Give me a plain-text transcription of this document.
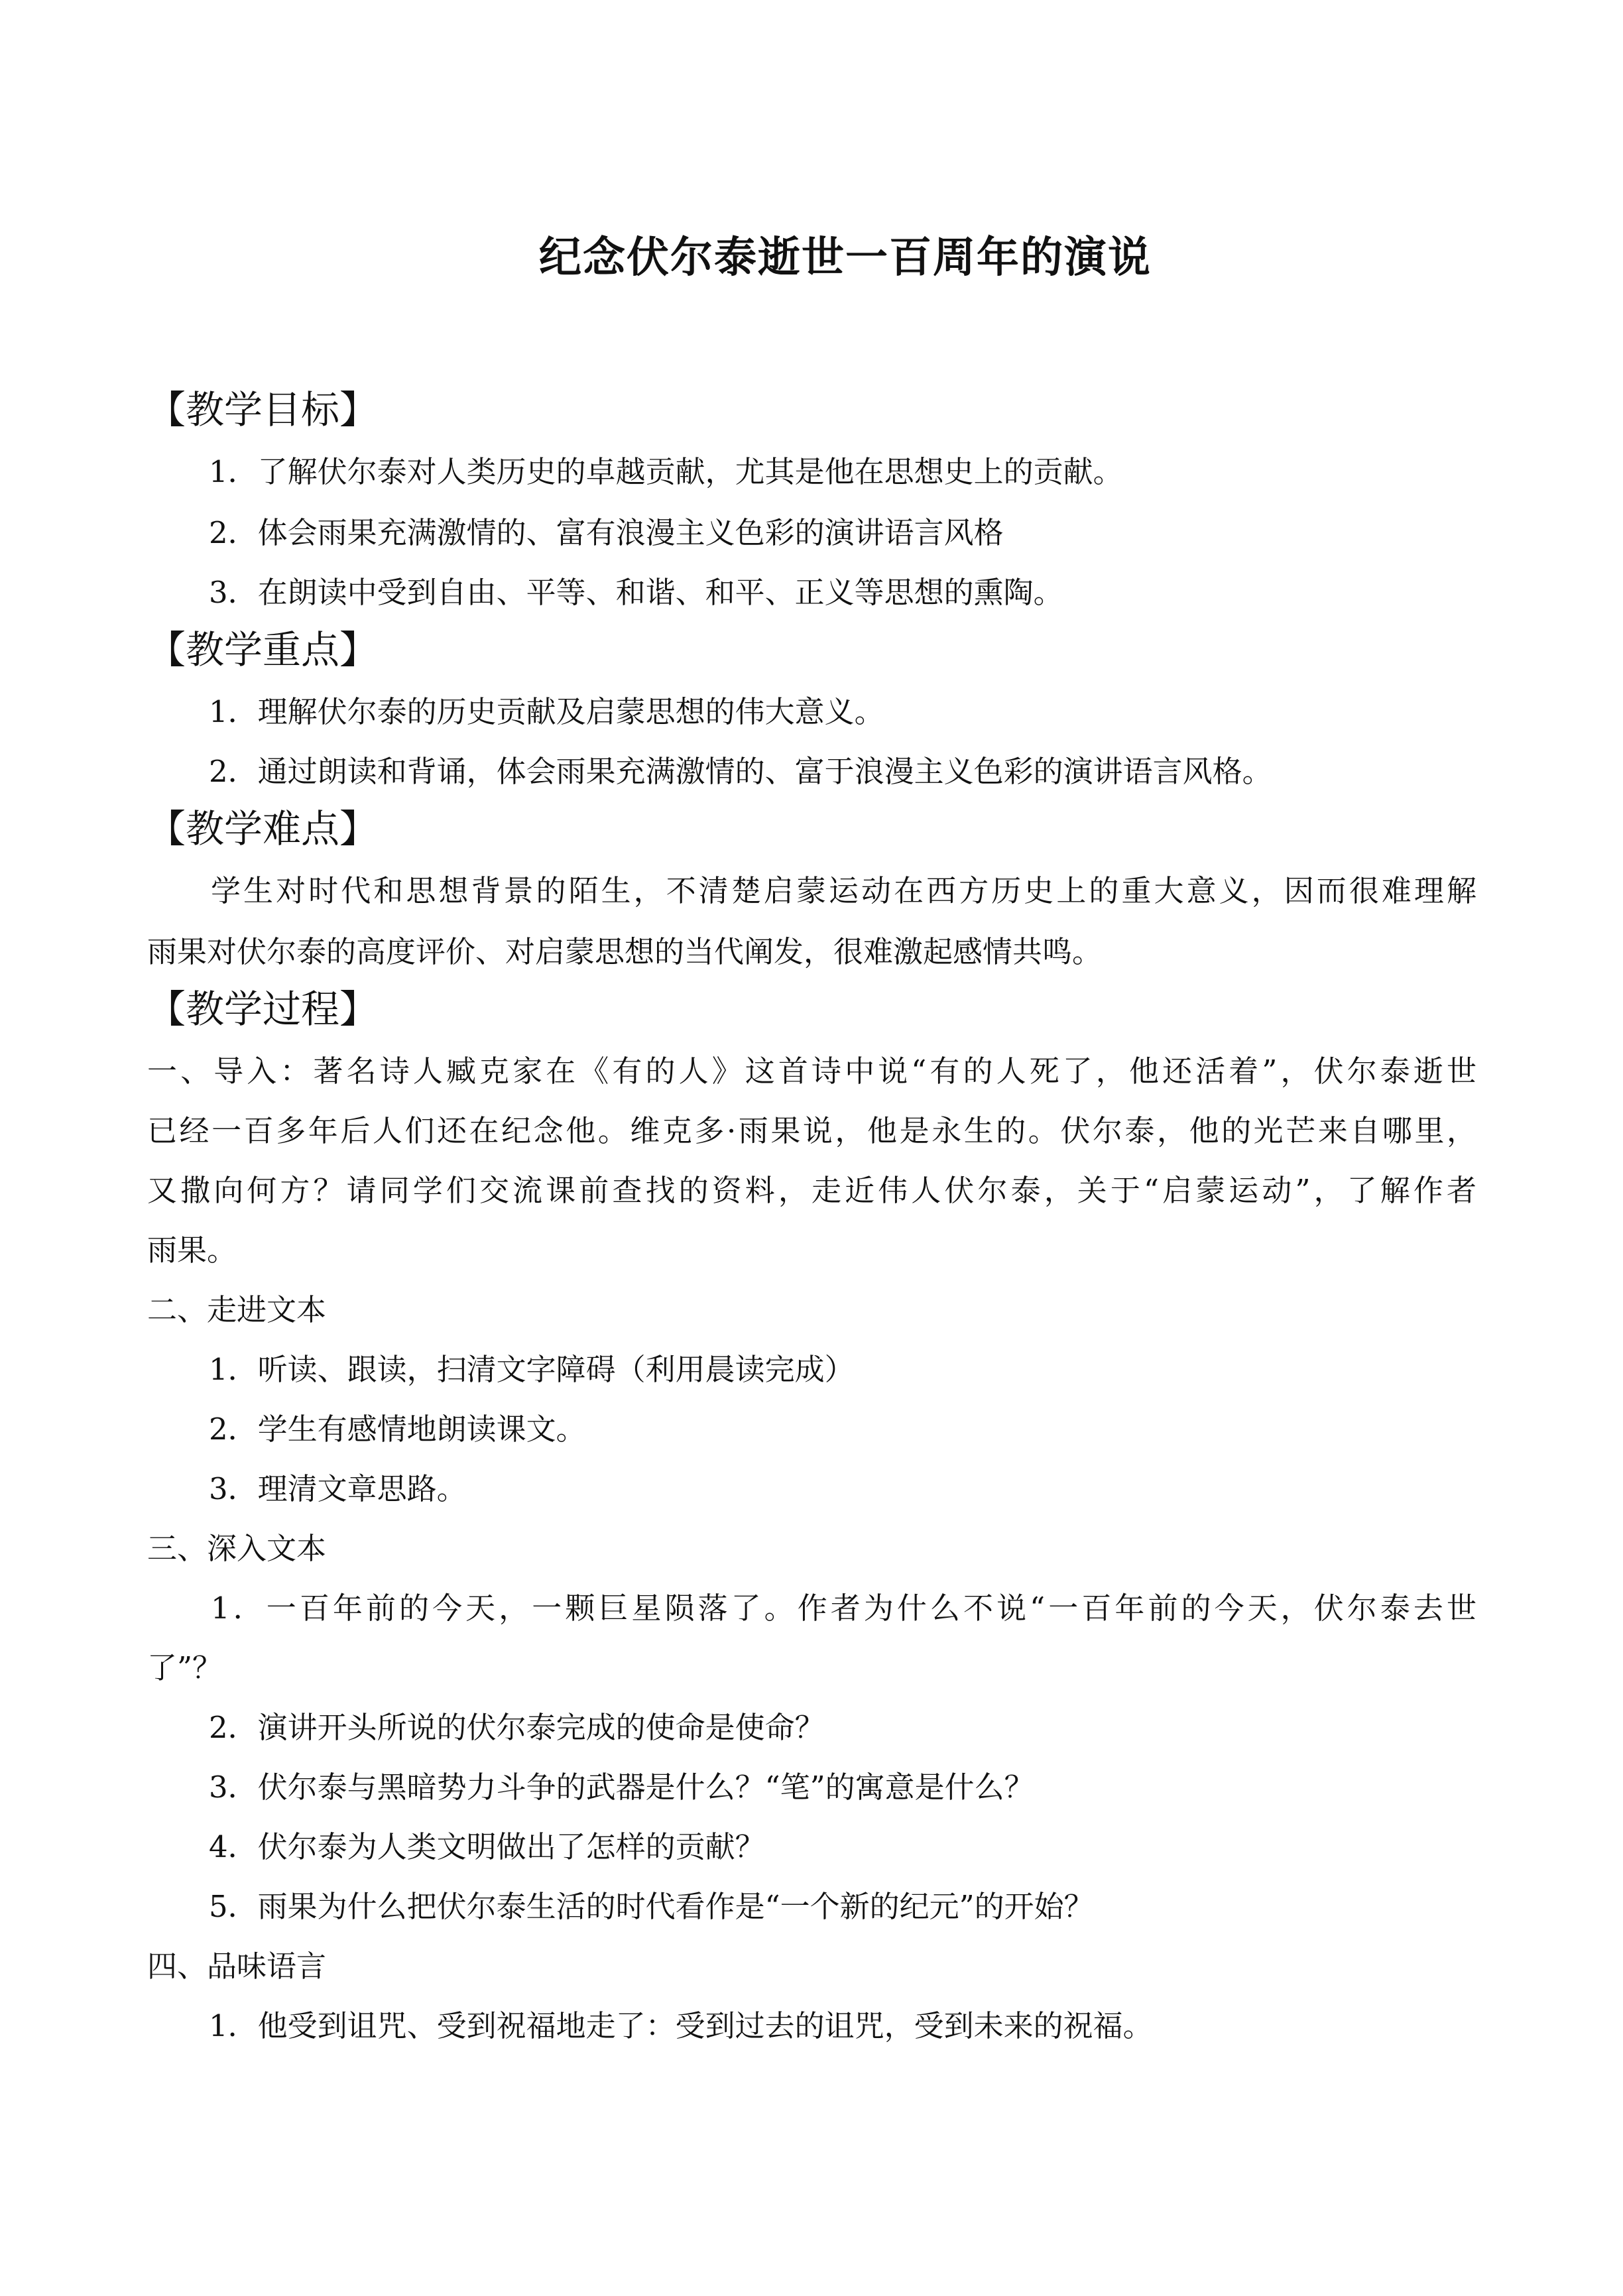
纪念伏尔泰逝世一百周年的演说
【教学目标】
1．了解伏尔泰对人类历史的卓越贡献，尤其是他在思想史上的贡献。
2．体会雨果充满激情的、富有浪漫主义色彩的演讲语言风格
3．在朗读中受到自由、平等、和谐、和平、正义等思想的熏陶。
【教学重点】
1．理解伏尔泰的历史贡献及启蒙思想的伟大意义。
2．通过朗读和背诵，体会雨果充满激情的、富于浪漫主义色彩的演讲语言风格。
【教学难点】
学生对时代和思想背景的陌生，不清楚启蒙运动在西方历史上的重大意义，因而很难理解
雨果对伏尔泰的高度评价、对启蒙思想的当代阐发，很难激起感情共鸣。
【教学过程】
一、导入：著名诗人臧克家在《有的人》这首诗中说“有的人死了，他还活着”，伏尔泰逝世
已经一百多年后人们还在纪念他。维克多·雨果说，他是永生的。伏尔泰，他的光芒来自哪里，
又撒向何方？请同学们交流课前查找的资料，走近伟人伏尔泰，关于“启蒙运动”，了解作者
雨果。
二、走进文本
1．听读、跟读，扫清文字障碍（利用晨读完成）
2．学生有感情地朗读课文。
3．理清文章思路。
三、深入文本
1．一百年前的今天，一颗巨星陨落了。作者为什么不说“一百年前的今天，伏尔泰去世
了”？
2．演讲开头所说的伏尔泰完成的使命是使命？
3．伏尔泰与黑暗势力斗争的武器是什么？“笔”的寓意是什么？
4．伏尔泰为人类文明做出了怎样的贡献？
5．雨果为什么把伏尔泰生活的时代看作是“一个新的纪元”的开始？
四、品味语言
1．他受到诅咒、受到祝福地走了：受到过去的诅咒，受到未来的祝福。
